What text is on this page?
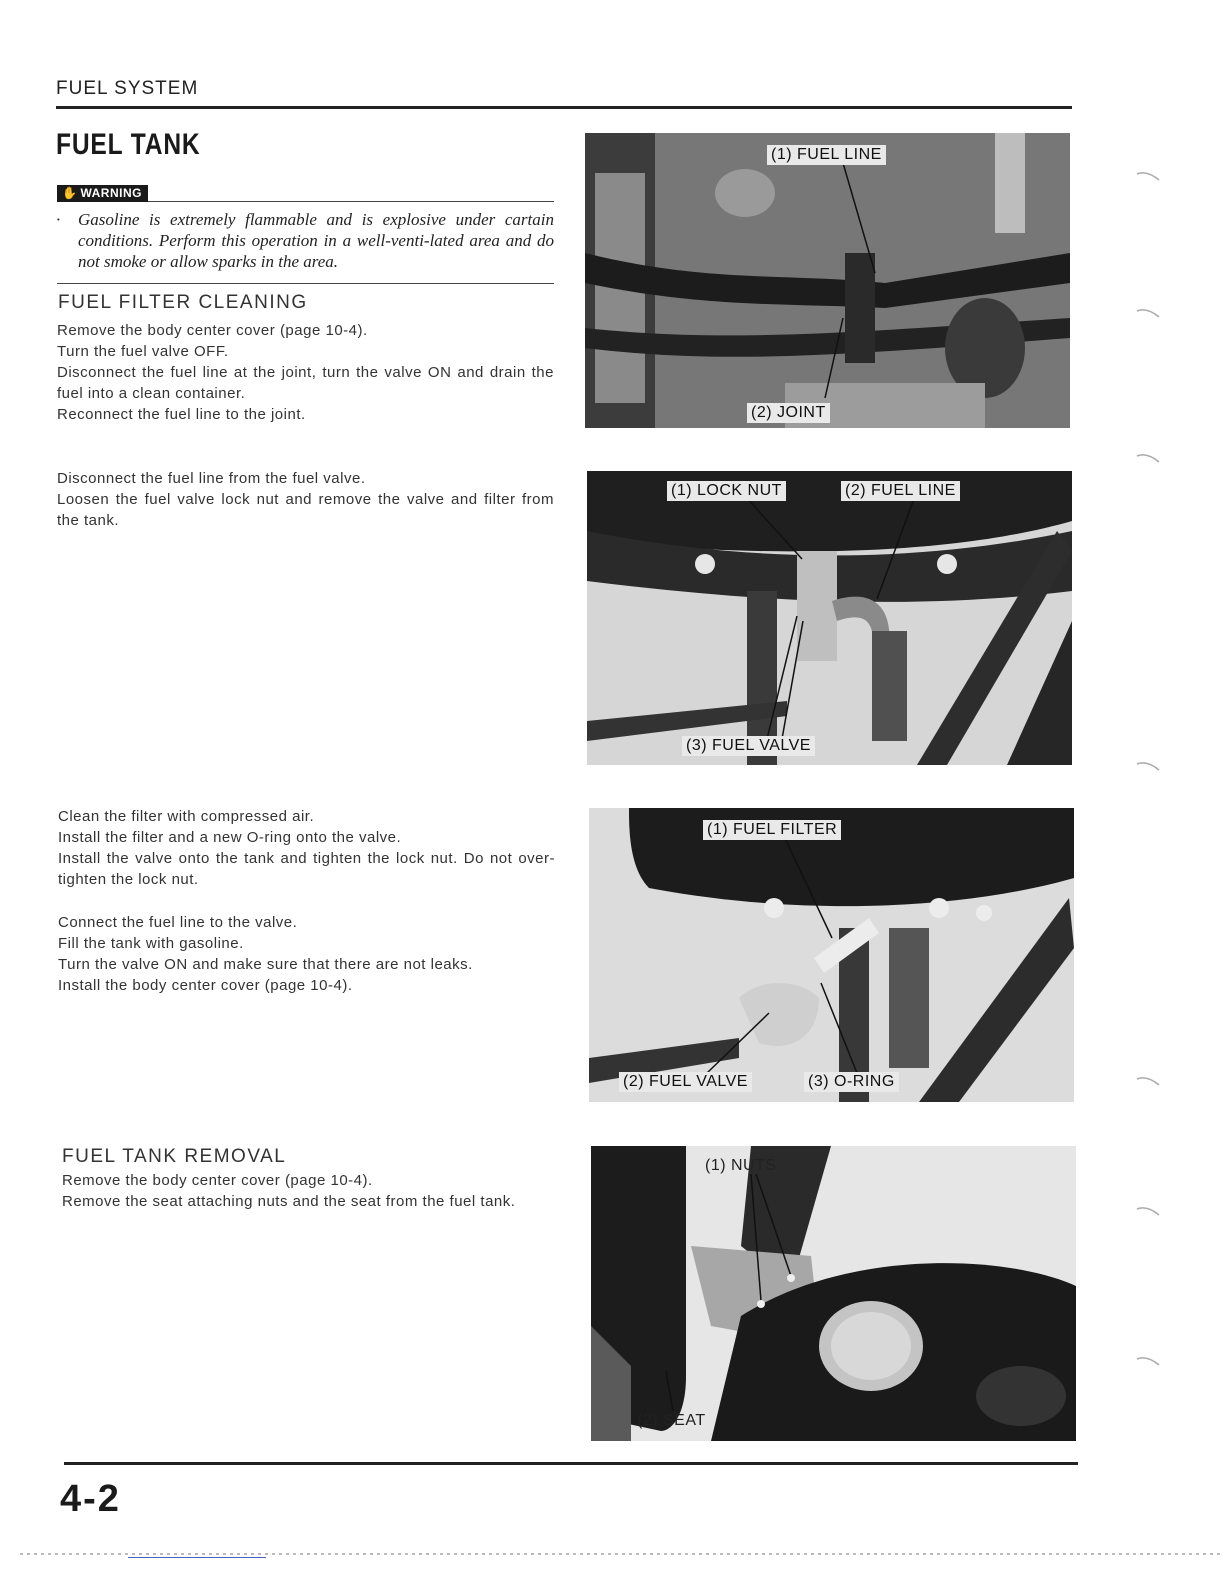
FUEL SYSTEM
FUEL TANK
✋ WARNING
· Gasoline is extremely flammable and is explosive under cartain conditions. Perform this operation in a well-venti-lated area and do not smoke or allow sparks in the area.
FUEL FILTER CLEANING

Remove the body center cover (page 10-4).

Turn the fuel valve OFF.

Disconnect the fuel line at the joint, turn the valve ON and drain the fuel into a clean container.

Reconnect the fuel line to the joint.

Disconnect the fuel line from the fuel valve.

Loosen the fuel valve lock nut and remove the valve and filter from the tank.

Clean the filter with compressed air.

Install the filter and a new O-ring onto the valve.

Install the valve onto the tank and tighten the lock nut. Do not over-tighten the lock nut.

Connect the fuel line to the valve.

Fill the tank with gasoline.

Turn the valve ON and make sure that there are not leaks.

Install the body center cover (page 10-4).

FUEL TANK REMOVAL

Remove the body center cover (page 10-4).

Remove the seat attaching nuts and the seat from the fuel tank.

(1) FUEL LINE
(2) JOINT
(1) LOCK NUT	(2) FUEL LINE
(3) FUEL VALVE
(1) FUEL FILTER
(2) FUEL VALVE	(3) O-RING
(1) NUTS
(2) SEAT
4-2
